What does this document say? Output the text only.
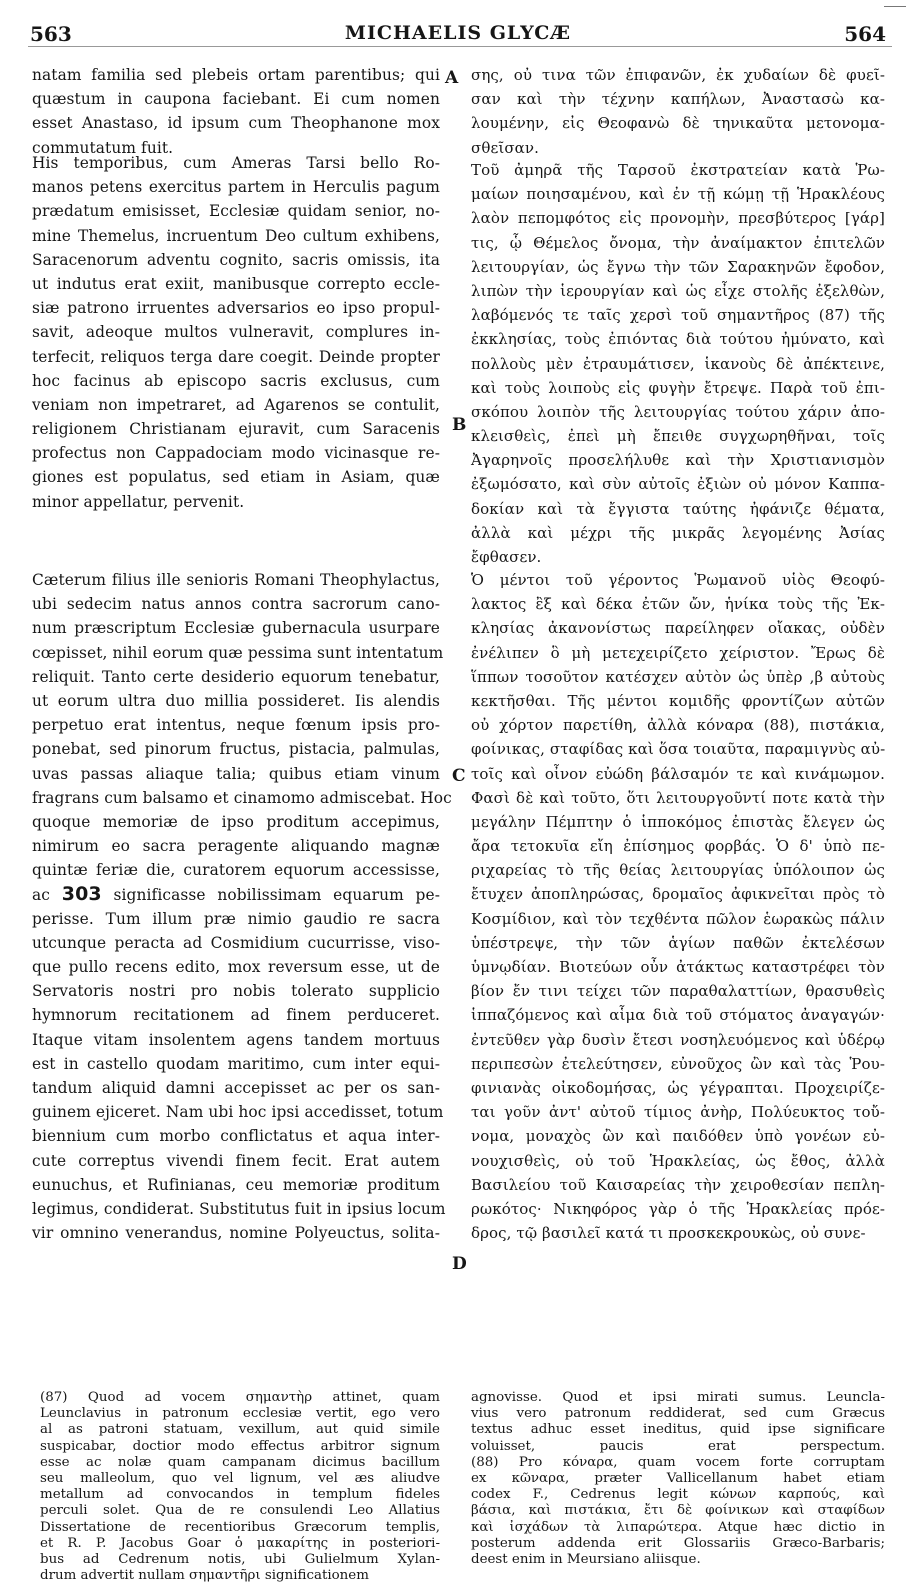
563	MICHAELIS GLYCÆ	564
A
B
C
D
natam familia sed plebeis ortam parentibus; qui
quæstum in caupona faciebant. Ei cum nomen
esset Anastaso, id ipsum cum Theophanone mox
commutatum fuit.
His temporibus, cum Ameras Tarsi bello Ro-
manos petens exercitus partem in Herculis pagum
prædatum emisisset, Ecclesiæ quidam senior, no-
mine Themelus, incruentum Deo cultum exhibens,
Saracenorum adventu cognito, sacris omissis, ita
ut indutus erat exiit, manibusque correpto eccle-
siæ patrono irruentes adversarios eo ipso propul-
savit, adeoque multos vulneravit, complures in-
terfecit, reliquos terga dare coegit. Deinde propter
hoc facinus ab episcopo sacris exclusus, cum
veniam non impetraret, ad Agarenos se contulit,
religionem Christianam ejuravit, cum Saracenis
profectus non Cappadociam modo vicinasque re-
giones est populatus, sed etiam in Asiam, quæ
minor appellatur, pervenit.
Cæterum filius ille senioris Romani Theophylactus,
ubi sedecim natus annos contra sacrorum cano-
num præscriptum Ecclesiæ gubernacula usurpare
cœpisset, nihil eorum quæ pessima sunt intentatum
reliquit. Tanto certe desiderio equorum tenebatur,
ut eorum ultra duo millia possideret. Iis alendis
perpetuo erat intentus, neque fœnum ipsis pro-
ponebat, sed pinorum fructus, pistacia, palmulas,
uvas passas aliaque talia; quibus etiam vinum
fragrans cum balsamo et cinamomo admiscebat. Hoc
quoque memoriæ de ipso proditum accepimus,
nimirum eo sacra peragente aliquando magnæ
quintæ feriæ die, curatorem equorum accessisse,
ac 303 significasse nobilissimam equarum pe-
perisse. Tum illum præ nimio gaudio re sacra
utcunque peracta ad Cosmidium cucurrisse, viso-
que pullo recens edito, mox reversum esse, ut de
Servatoris nostri pro nobis tolerato supplicio
hymnorum recitationem ad finem perduceret.
Itaque vitam insolentem agens tandem mortuus
est in castello quodam maritimo, cum inter equi-
tandum aliquid damni accepisset ac per os san-
guinem ejiceret. Nam ubi hoc ipsi accedisset, totum
biennium cum morbo conflictatus et aqua inter-
cute correptus vivendi finem fecit. Erat autem
eunuchus, et Rufinianas, ceu memoriæ proditum
legimus, condiderat. Substitutus fuit in ipsius locum
vir omnino venerandus, nomine Polyeuctus, solita-
σης, οὐ τινα τῶν ἐπιφανῶν, ἐκ χυδαίων δὲ φυεῖ-
σαν καὶ τὴν τέχνην καπήλων, Ἀναστασὼ κα-
λουμένην, εἰς Θεοφανὼ δὲ τηνικαῦτα μετονομα-
σθεῖσαν.
Τοῦ ἀμηρᾶ τῆς Ταρσοῦ ἐκστρατείαν κατὰ Ῥω-
μαίων ποιησαμένου, καὶ ἐν τῇ κώμῃ τῇ Ἡρακλέους
λαὸν πεπομφότος εἰς προνομὴν, πρεσβύτερος [γάρ]
τις, ᾧ Θέμελος ὄνομα, τὴν ἀναίμακτον ἐπιτελῶν
λειτουργίαν, ὡς ἔγνω τὴν τῶν Σαρακηνῶν ἔφοδον,
λιπὼν τὴν ἱερουργίαν καὶ ὡς εἶχε στολῆς ἐξελθὼν,
λαβόμενός τε ταῖς χερσὶ τοῦ σημαντῆρος (87) τῆς
ἐκκλησίας, τοὺς ἐπιόντας διὰ τούτου ἠμύνατο, καὶ
πολλοὺς μὲν ἐτραυμάτισεν, ἱκανοὺς δὲ ἀπέκτεινε,
καὶ τοὺς λοιποὺς εἰς φυγὴν ἔτρεψε. Παρὰ τοῦ ἐπι-
σκόπου λοιπὸν τῆς λειτουργίας τούτου χάριν ἀπο-
κλεισθεὶς, ἐπεὶ μὴ ἔπειθε συγχωρηθῆναι, τοῖς
Ἀγαρηνοῖς προσελήλυθε καὶ τὴν Χριστιανισμὸν
ἐξωμόσατο, καὶ σὺν αὐτοῖς ἐξιὼν οὐ μόνον Καππα-
δοκίαν καὶ τὰ ἔγγιστα ταύτης ἠφάνιζε θέματα,
ἀλλὰ καὶ μέχρι τῆς μικρᾶς λεγομένης Ἀσίας
ἔφθασεν.
Ὁ μέντοι τοῦ γέροντος Ῥωμανοῦ υἱὸς Θεοφύ-
λακτος ἒξ καὶ δέκα ἐτῶν ὤν, ἡνίκα τοὺς τῆς Ἐκ-
κλησίας ἀκανονίστως παρείληφεν οἴακας, οὐδὲν
ἐνέλιπεν ὃ μὴ μετεχειρίζετο χείριστον. Ἔρως δὲ
ἵππων τοσοῦτον κατέσχεν αὐτὸν ὡς ὑπὲρ ,β αὐτοὺς
κεκτῆσθαι. Τῆς μέντοι κομιδῆς φροντίζων αὐτῶν
οὐ χόρτον παρετίθη, ἀλλὰ κόναρα (88), πιστάκια,
φοίνικας, σταφίδας καὶ ὅσα τοιαῦτα, παραμιγνὺς αὐ-
τοῖς καὶ οἶνον εὐώδη βάλσαμόν τε καὶ κινάμωμον.
Φασὶ δὲ καὶ τοῦτο, ὅτι λειτουργοῦντί ποτε κατὰ τὴν
μεγάλην Πέμπτην ὁ ἱπποκόμος ἐπιστὰς ἔλεγεν ὡς
ἄρα τετοκυῖα εἴη ἐπίσημος φορβάς. Ὁ δ' ὑπὸ πε-
ριχαρείας τὸ τῆς θείας λειτουργίας ὑπόλοιπον ὡς
ἔτυχεν ἀποπληρώσας, δρομαῖος ἀφικνεῖται πρὸς τὸ
Κοσμίδιον, καὶ τὸν τεχθέντα πῶλον ἑωρακὼς πάλιν
ὑπέστρεψε, τὴν τῶν ἁγίων παθῶν ἐκτελέσων
ὑμνῳδίαν. Βιοτεύων οὖν ἀτάκτως καταστρέφει τὸν
βίον ἔν τινι τείχει τῶν παραθαλαττίων, θρασυθεὶς
ἱππαζόμενος καὶ αἷμα διὰ τοῦ στόματος ἀναγαγών·
ἐντεῦθεν γὰρ δυσὶν ἔτεσι νοσηλευόμενος καὶ ὑδέρῳ
περιπεσὼν ἐτελεύτησεν, εὐνοῦχος ὢν καὶ τὰς Ῥου-
φινιανὰς οἰκοδομήσας, ὡς γέγραπται. Προχειρίζε-
ται γοῦν ἀντ' αὐτοῦ τίμιος ἀνὴρ, Πολύευκτος τοὔ-
νομα, μοναχὸς ὢν καὶ παιδόθεν ὑπὸ γονέων εὐ-
νουχισθεὶς, οὐ τοῦ Ἡρακλείας, ὡς ἔθος, ἀλλὰ
Βασιλείου τοῦ Καισαρείας τὴν χειροθεσίαν πεπλη-
ρωκότος· Νικηφόρος γὰρ ὁ τῆς Ἡρακλείας πρόε-
δρος, τῷ βασιλεῖ κατά τι προσκεκρουκὼς, οὐ συνε-
(87) Quod ad vocem σημαντὴρ attinet, quam
Leunclavius in patronum ecclesiæ vertit, ego vero
al as patroni statuam, vexillum, aut quid simile
suspicabar, doctior modo effectus arbitror signum
esse ac nolæ quam campanam dicimus bacillum
seu malleolum, quo vel lignum, vel æs aliudve
metallum ad convocandos in templum fideles
perculi solet. Qua de re consulendi Leo Allatius
Dissertatione de recentioribus Græcorum templis,
et R. P. Jacobus Goar ὁ μακαρίτης in posteriori-
bus ad Cedrenum notis, ubi Gulielmum Xylan-
drum advertit nullam σημαντῆρι significationem
agnovisse. Quod et ipsi mirati sumus. Leuncla-
vius vero patronum reddiderat, sed cum Græcus
textus adhuc esset ineditus, quid ipse significare
voluisset, paucis erat perspectum.
(88) Pro κόναρα, quam vocem forte corruptam
ex κῶναρα, præter Vallicellanum habet etiam
codex F., Cedrenus legit κώνων καρπούς, καὶ
βάσια, καὶ πιστάκια, ἔτι δὲ φοίνικων καὶ σταφίδων
καὶ ἰσχάδων τὰ λιπαρώτερα. Atque hæc dictio in
posterum addenda erit Glossariis Græco-Barbaris;
deest enim in Meursiano aliisque.
